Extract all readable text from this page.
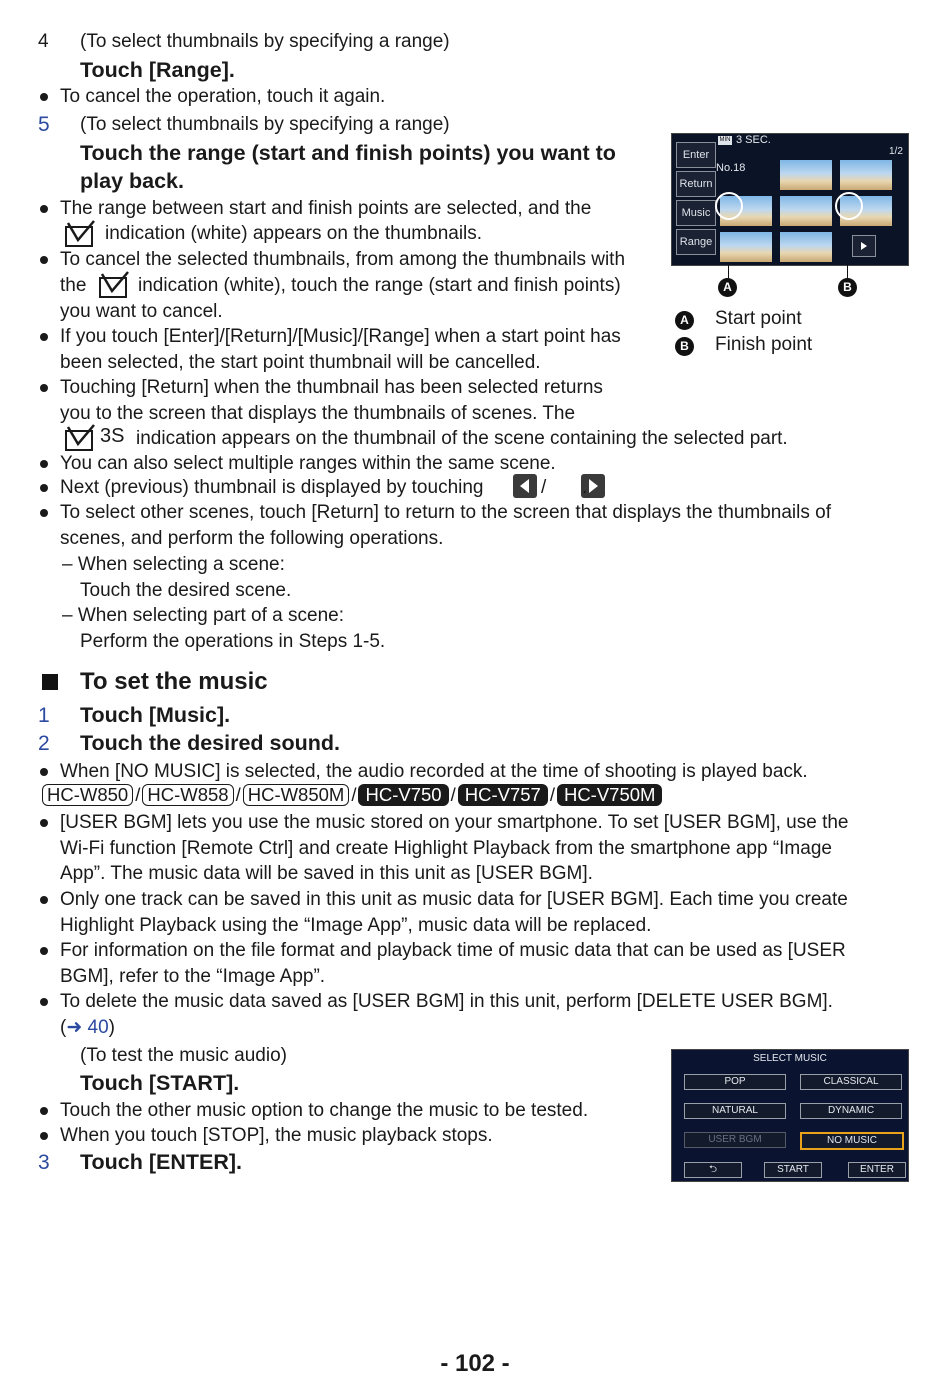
4 (To select thumbnails by specifying a range)
Touch [Range].
To cancel the operation, touch it again.
5 (To select thumbnails by specifying a range)
Touch the range (start and finish points) you want to
play back.
The range between start and finish points are selected, and the
indication (white) appears on the thumbnails.
To cancel the selected thumbnails, from among the thumbnails with
the	indication (white), touch the range (start and finish points)
you want to cancel.
If you touch [Enter]/[Return]/[Music]/[Range] when a start point has
been selected, the start point thumbnail will be cancelled.
Touching [Return] when the thumbnail has been selected returns
you to the screen that displays the thumbnails of scenes. The
3S indication appears on the thumbnail of the scene containing the selected part.
You can also select multiple ranges within the same scene.
Next (previous) thumbnail is displayed by touching
	/ .
To select other scenes, touch [Return] to return to the screen that displays the thumbnails of
scenes, and perform the following operations.
– When selecting a scene:
Touch the desired scene.
– When selecting part of a scene:
Perform the operations in Steps 1-5.
MIN 3 SEC.
No.18
1/2
Enter
Return
Music
Range
A	B
A Start point
B Finish point
To set the music
1 Touch [Music].
2 Touch the desired sound.
When [NO MUSIC] is selected, the audio recorded at the time of shooting is played back.
HC-W850 / HC-W858 / HC-W850M / HC-V750 / HC-V757 / HC-V750M
[USER BGM] lets you use the music stored on your smartphone. To set [USER BGM], use the
Wi-Fi function [Remote Ctrl] and create Highlight Playback from the smartphone app “Image
App”. The music data will be saved in this unit as [USER BGM].
Only one track can be saved in this unit as music data for [USER BGM]. Each time you create
Highlight Playback using the “Image App”, music data will be replaced.
For information on the file format and playback time of music data that can be used as [USER
BGM], refer to the “Image App”.
To delete the music data saved as [USER BGM] in this unit, perform [DELETE USER BGM].
(➜ 40)
(To test the music audio)
Touch [START].
Touch the other music option to change the music to be tested.
When you touch [STOP], the music playback stops.
3 Touch [ENTER].
SELECT MUSIC
POP	CLASSICAL
NATURAL	DYNAMIC
USER BGM	NO MUSIC
⮌	START	ENTER
- 102 -
